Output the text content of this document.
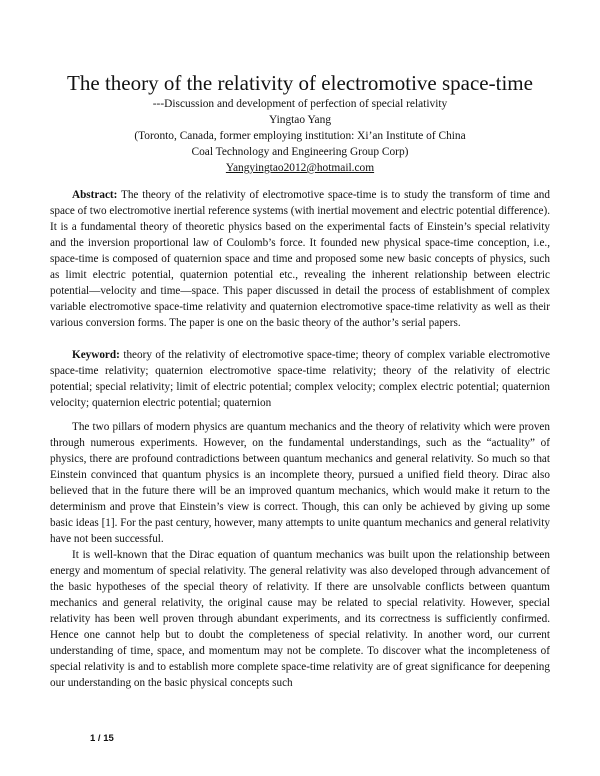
The theory of the relativity of electromotive space-time
---Discussion and development of perfection of special relativity
Yingtao Yang
(Toronto, Canada, former employing institution: Xi’an Institute of China
Coal Technology and Engineering Group Corp)
Yangyingtao2012@hotmail.com

Abstract: The theory of the relativity of electromotive space-time is to study the transform of time and space of two electromotive inertial reference systems (with inertial movement and electric potential difference). It is a fundamental theory of theoretic physics based on the experimental facts of Einstein’s special relativity and the inversion proportional law of Coulomb’s force. It founded new physical space-time conception, i.e., space-time is composed of quaternion space and time and proposed some new basic concepts of physics, such as limit electric potential, quaternion potential etc., revealing the inherent relationship between electric potential—velocity and time—space. This paper discussed in detail the process of establishment of complex variable electromotive space-time relativity and quaternion electromotive space-time relativity as well as their various conversion forms. The paper is one on the basic theory of the author’s serial papers.

Keyword: theory of the relativity of electromotive space-time; theory of complex variable electromotive space-time relativity; quaternion electromotive space-time relativity; theory of the relativity of electric potential; special relativity; limit of electric potential; complex velocity; complex electric potential; quaternion velocity; quaternion electric potential; quaternion

The two pillars of modern physics are quantum mechanics and the theory of relativity which were proven through numerous experiments. However, on the fundamental understandings, such as the “actuality” of physics, there are profound contradictions between quantum mechanics and general relativity. So much so that Einstein convinced that quantum physics is an incomplete theory, pursued a unified field theory. Dirac also believed that in the future there will be an improved quantum mechanics, which would make it return to the determinism and prove that Einstein’s view is correct. Though, this can only be achieved by giving up some basic ideas [1]. For the past century, however, many attempts to unite quantum mechanics and general relativity have not been successful.

It is well-known that the Dirac equation of quantum mechanics was built upon the relationship between energy and momentum of special relativity. The general relativity was also developed through advancement of the basic hypotheses of the special theory of relativity. If there are unsolvable conflicts between quantum mechanics and general relativity, the original cause may be related to special relativity. However, special relativity has been well proven through abundant experiments, and its correctness is sufficiently confirmed. Hence one cannot help but to doubt the completeness of special relativity. In another word, our current understanding of time, space, and momentum may not be complete. To discover what the incompleteness of special relativity is and to establish more complete space-time relativity are of great significance for deepening our understanding on the basic physical concepts such

1 / 15
